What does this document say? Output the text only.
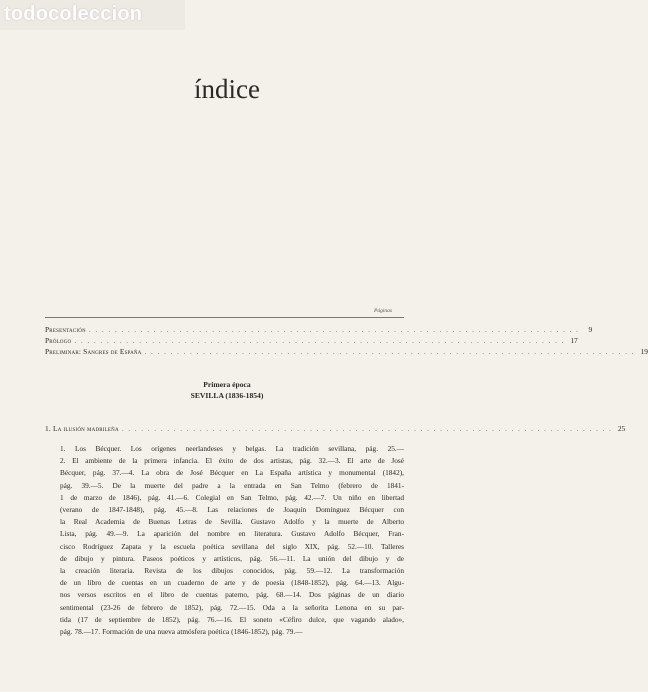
todocoleccion
índice
Páginas
Presentación . . . . . . . . . . . . . . . . . . . . . . . . . . . . . . . . . . . . . . . . . . . . . . . . . . . . . . . . . . . . . . . . . . . . . . . . . . . .	9
Prólogo . . . . . . . . . . . . . . . . . . . . . . . . . . . . . . . . . . . . . . . . . . . . . . . . . . . . . . . . . . . . . . . . . . . . . . . . . . . . 17
Preliminar: Sangres de España . . . . . . . . . . . . . . . . . . . . . . . . . . . . . . . . . . . . . . . . . . . . . . . . . . . . . . . . . . . . . . . . . . . . . . . . . . . . 19
Primera época
SEVILLA (1836-1854)
1. La ilusión madrileña . . . . . . . . . . . . . . . . . . . . . . . . . . . . . . . . . . . . . . . . . . . . . . . . . . . . . . . . . . . . . . . . . . . . . . . . . . . . 25
1. Los Bécquer. Los orígenes neerlandeses y belgas. La tradición sevillana, pág. 25.—
2. El ambiente de la primera infancia. El éxito de dos artistas, pág. 32.—3. El arte de José
Bécquer, pág. 37.—4. La obra de José Bécquer en La España artística y monumental (1842),
pág. 39.—5. De la muerte del padre a la entrada en San Telmo (febrero de 1841-
1 de marzo de 1846), pág. 41.—6. Colegial en San Telmo, pág. 42.—7. Un niño en libertad
(verano de 1847-1848), pág. 45.—8. Las relaciones de Joaquín Domínguez Bécquer con
la Real Academia de Buenas Letras de Sevilla. Gustavo Adolfo y la muerte de Alberto
Lista, pág. 49.—9. La aparición del nombre en literatura. Gustavo Adolfo Bécquer, Fran-
cisco Rodríguez Zapata y la escuela poética sevillana del siglo XIX, pág. 52.—10. Talleres
de dibujo y pintura. Paseos poéticos y artísticos, pág. 56.—11. La unión del dibujo y de
la creación literaria. Revista de los dibujos conocidos, pág. 59.—12. La transformación
de un libro de cuentas en un cuaderno de arte y de poesía (1848-1852), pág. 64.—13. Algu-
nos versos escritos en el libro de cuentas paterno, pág. 68.—14. Dos páginas de un diario
sentimental (23-26 de febrero de 1852), pág. 72.—15. Oda a la señorita Lenona en su par-
tida (17 de septiembre de 1852), pág. 76.—16. El soneto «Céfiro dulce, que vagando alado»,
pág. 78.—17. Formación de una nueva atmósfera poética (1846-1852), pág. 79.—
